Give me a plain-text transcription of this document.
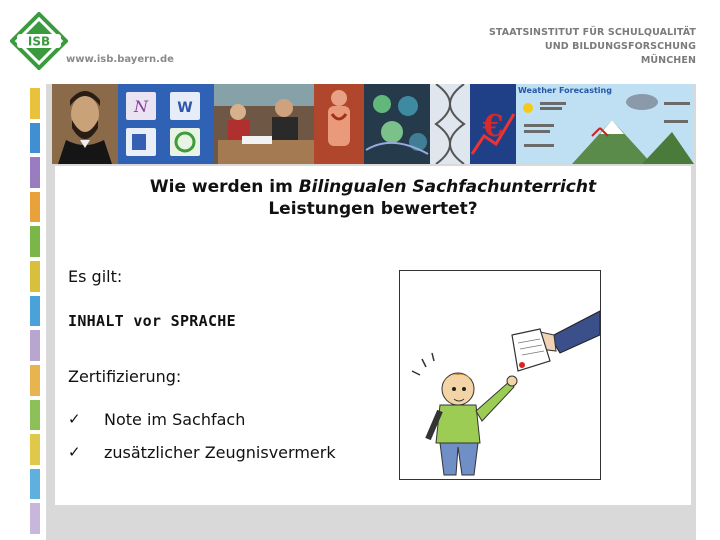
ISB
www.isb.bayern.de
STAATSINSTITUT FÜR SCHULQUALITÄT
UND BILDUNGSFORSCHUNG
MÜNCHEN
N W
€
Weather Forecasting
Wie werden im Bilingualen Sachfachunterricht
Leistungen bewertet?
Es gilt:
INHALT vor SPRACHE
Zertifizierung:
✓ Note im Sachfach
✓ zusätzlicher Zeugnisvermerk
